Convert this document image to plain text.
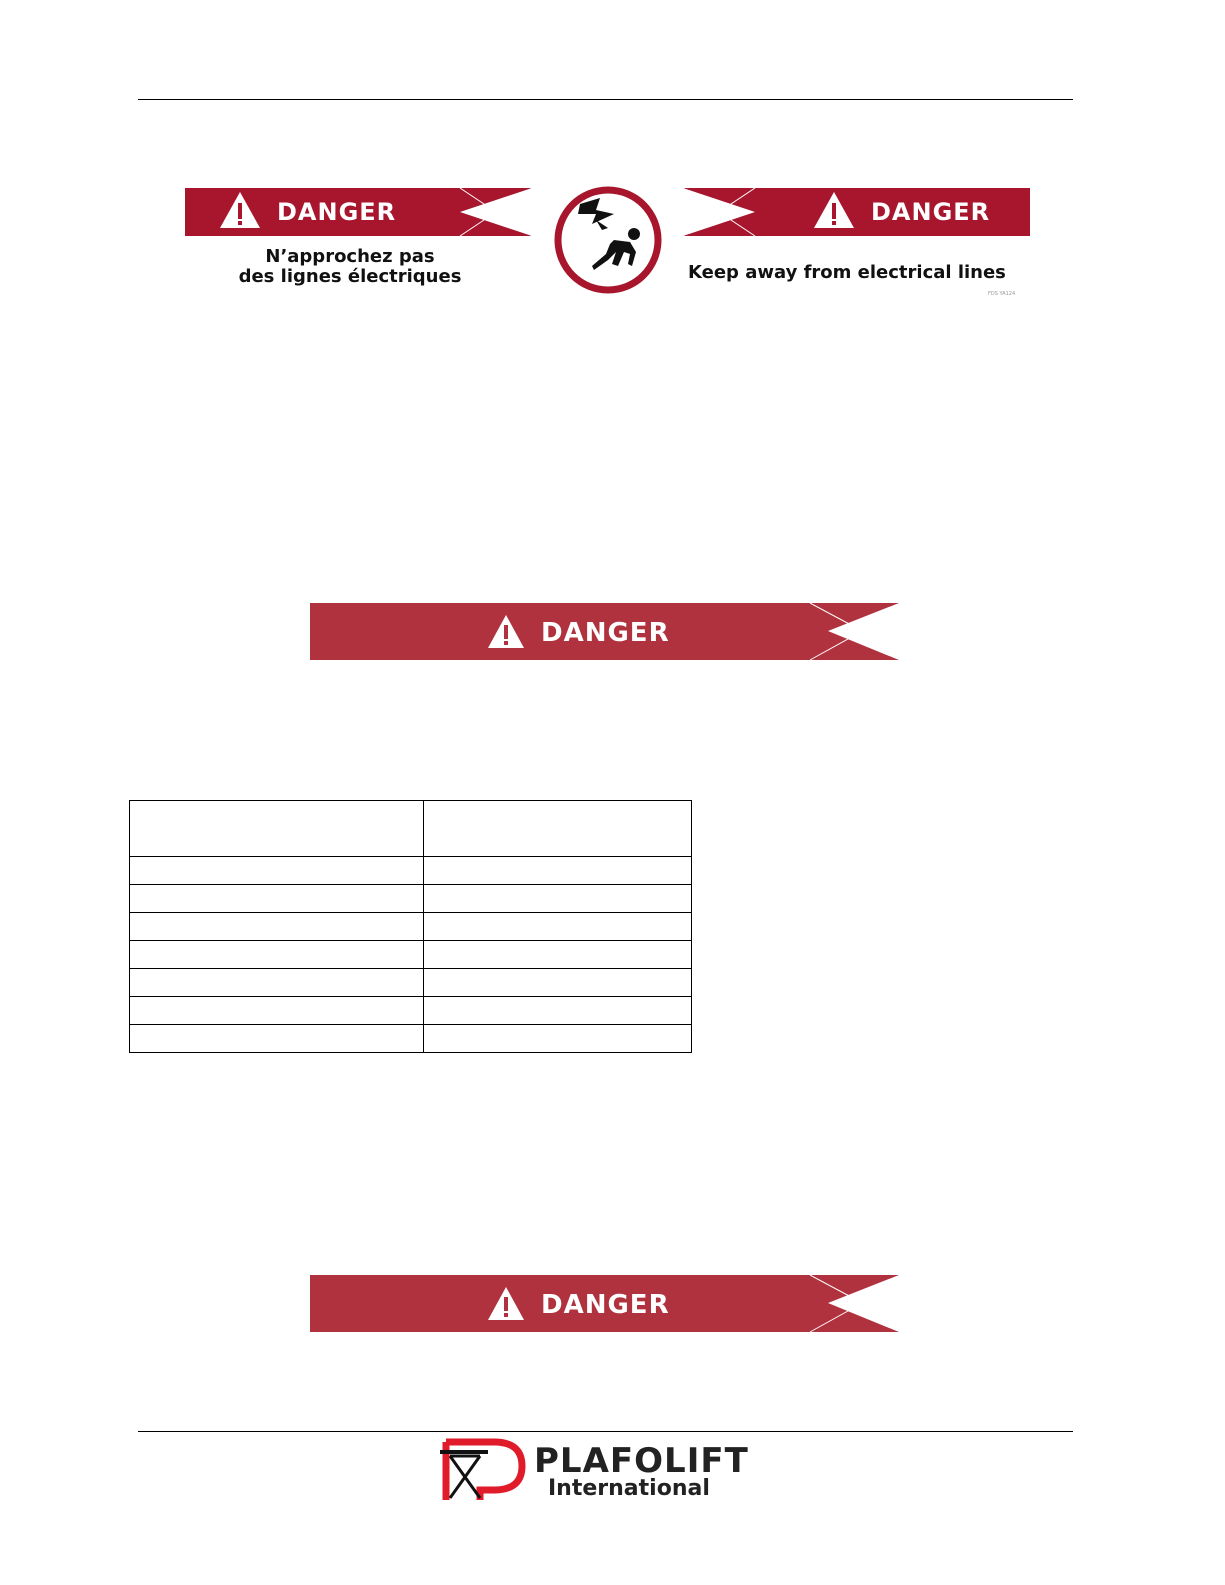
DANGER
N’approchez pas
des lignes électriques
DANGER
Keep away from electrical lines
FDS YA124
DANGER

DANGER
PLAFOLIFT
International
